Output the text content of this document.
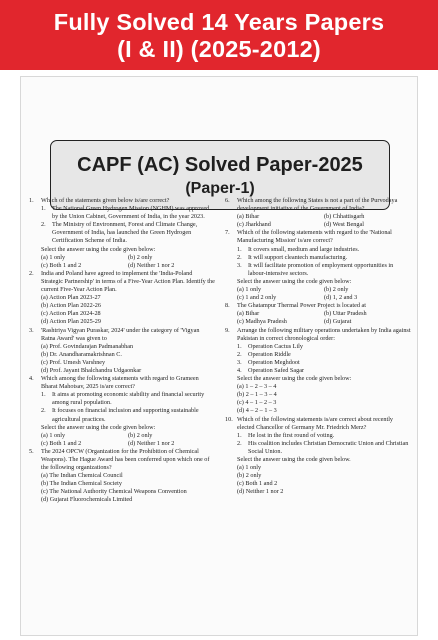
Fully Solved 14 Years Papers
(I & II) (2025-2012)
CAPF (AC) Solved Paper-2025
(Paper-1)
1. Which of the statements given below is/are correct?
1. The National Green Hydrogen Mission (NGHM) was approved by the Union Cabinet, Government of India, in the year 2023.
2. The Ministry of Environment, Forest and Climate Change, Government of India, has launched the Green Hydrogen Certification Scheme of India.
Select the answer using the code given below:
(a) 1 only	(b) 2 only
(c) Both 1 and 2	(d) Neither 1 nor 2
2. India and Poland have agreed to implement the 'India-Poland Strategic Partnership' in terms of a Five-Year Action Plan. Identify the current Five-Year Action Plan.
(a) Action Plan 2023-27
(b) Action Plan 2022-26
(c) Action Plan 2024-28
(d) Action Plan 2025-29
3. 'Rashtriya Vigyan Puraskar, 2024' under the category of 'Vigyan Ratna Award' was given to
(a) Prof. Govindarajan Padmanabhan
(b) Dr. Anandharamakrishnan C.
(c) Prof. Umesh Varshney
(d) Prof. Jayant Bhalchandra Udgaonkar
4. Which among the following statements with regard to Grameen Bharat Mahotsav, 2025 is/are correct?
1. It aims at promoting economic stability and financial security among rural population.
2. It focuses on financial inclusion and supporting sustainable agricultural practices.
Select the answer using the code given below:
(a) 1 only	(b) 2 only
(c) Both 1 and 2	(d) Neither 1 nor 2
5. The 2024 OPCW (Organization for the Prohibition of Chemical Weapons). The Hague Award has been conferred upon which one of the following organizations?
(a) The Indian Chemical Council
(b) The Indian Chemical Society
(c) The National Authority Chemical Weapons Convention
(d) Gujarat Fluorochemicals Limited
6. Which among the following States is not a part of the Purvodaya development initiative of the Government of India?
(a) Bihar	(b) Chhattisgarh
(c) Jharkhand	(d) West Bengal
7. Which of the following statements with regard to the 'National Manufacturing Mission' is/are correct?
1. It covers small, medium and large industries.
2. It will support cleantech manufacturing.
3. It will facilitate promotion of employment opportunities in labour-intensive sectors.
Select the answer using the code given below:
(a) 1 only	(b) 2 only
(c) 1 and 2 only	(d) 1, 2 and 3
8. The Ghatampur Thermal Power Project is located at
(a) Bihar	(b) Uttar Pradesh
(c) Madhya Pradesh	(d) Gujarat
9. Arrange the following military operations undertaken by India against Pakistan in correct chronological order:
1. Operation Cactus Lily
2. Operation Riddle
3. Operation Meghdoot
4. Operation Safed Sagar
Select the answer using the code given below:
(a) 1 – 2 – 3 – 4
(b) 2 – 1 – 3 – 4
(c) 4 – 1 – 2 – 3
(d) 4 – 2 – 1 – 3
10. Which of the following statements is/are correct about recently elected Chancellor of Germany Mr. Friedrich Merz?
1. He lost in the first round of voting.
2. His coalition includes Christian Democratic Union and Christian Social Union.
Select the answer using the code given below.
(a) 1 only
(b) 2 only
(c) Both 1 and 2
(d) Neither 1 nor 2
